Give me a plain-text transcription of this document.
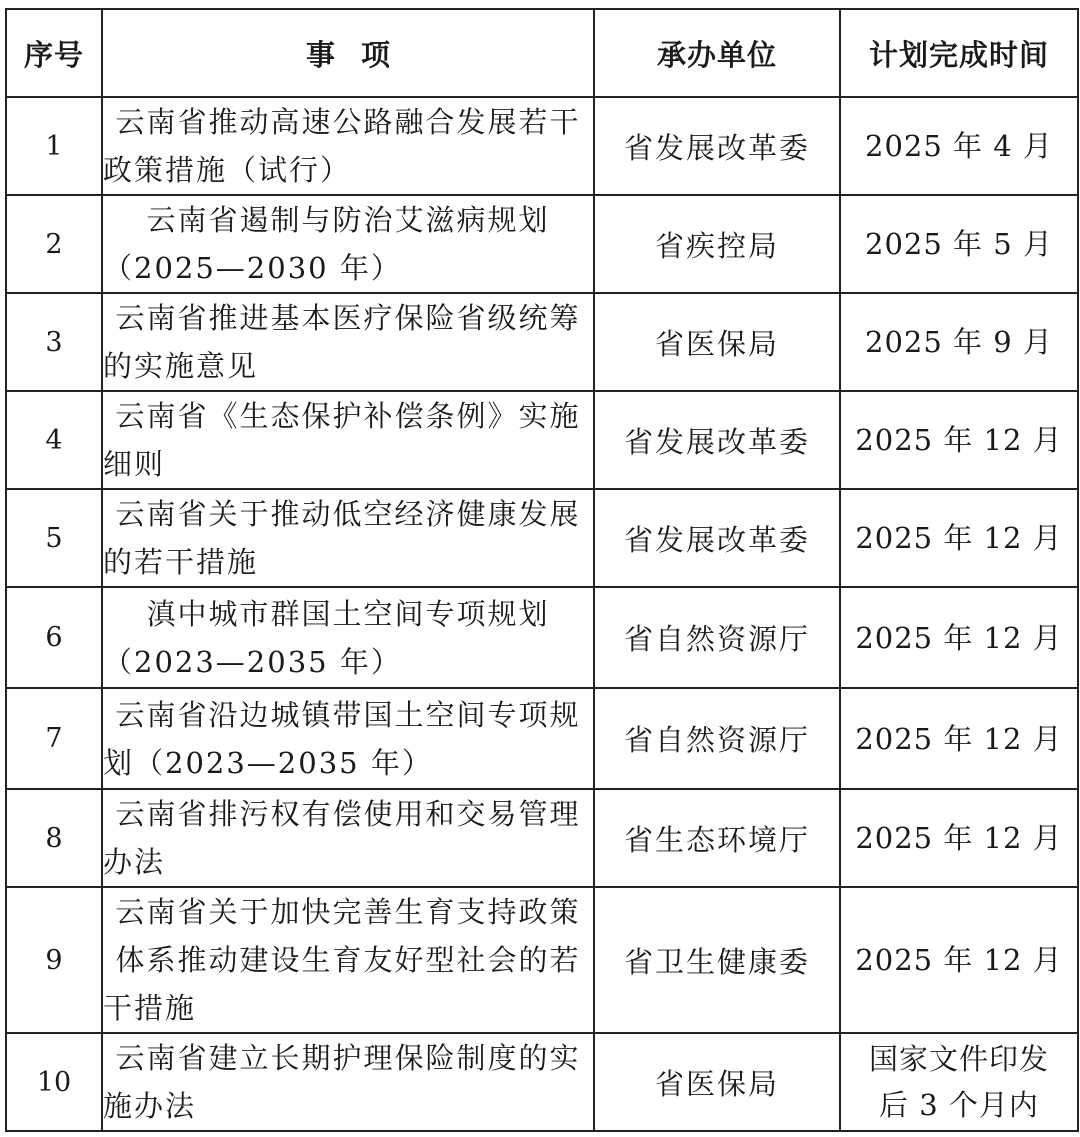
序号	事项	承办单位	计划完成时间
1	云南省推动高速公路融合发展若干政策措施（试行）	省发展改革委	2025 年 4 月
2	云南省遏制与防治艾滋病规划（2025—2030 年）	省疾控局	2025 年 5 月
3	云南省推进基本医疗保险省级统筹的实施意见	省医保局	2025 年 9 月
4	云南省《生态保护补偿条例》实施细则	省发展改革委	2025 年 12 月
5	云南省关于推动低空经济健康发展的若干措施	省发展改革委	2025 年 12 月
6	滇中城市群国土空间专项规划（2023—2035 年）	省自然资源厅	2025 年 12 月
7	云南省沿边城镇带国土空间专项规划（2023—2035 年）	省自然资源厅	2025 年 12 月
8	云南省排污权有偿使用和交易管理办法	省生态环境厅	2025 年 12 月
9	云南省关于加快完善生育支持政策体系推动建设生育友好型社会的若干措施	省卫生健康委	2025 年 12 月
10	云南省建立长期护理保险制度的实施办法	省医保局	国家文件印发后 3 个月内
